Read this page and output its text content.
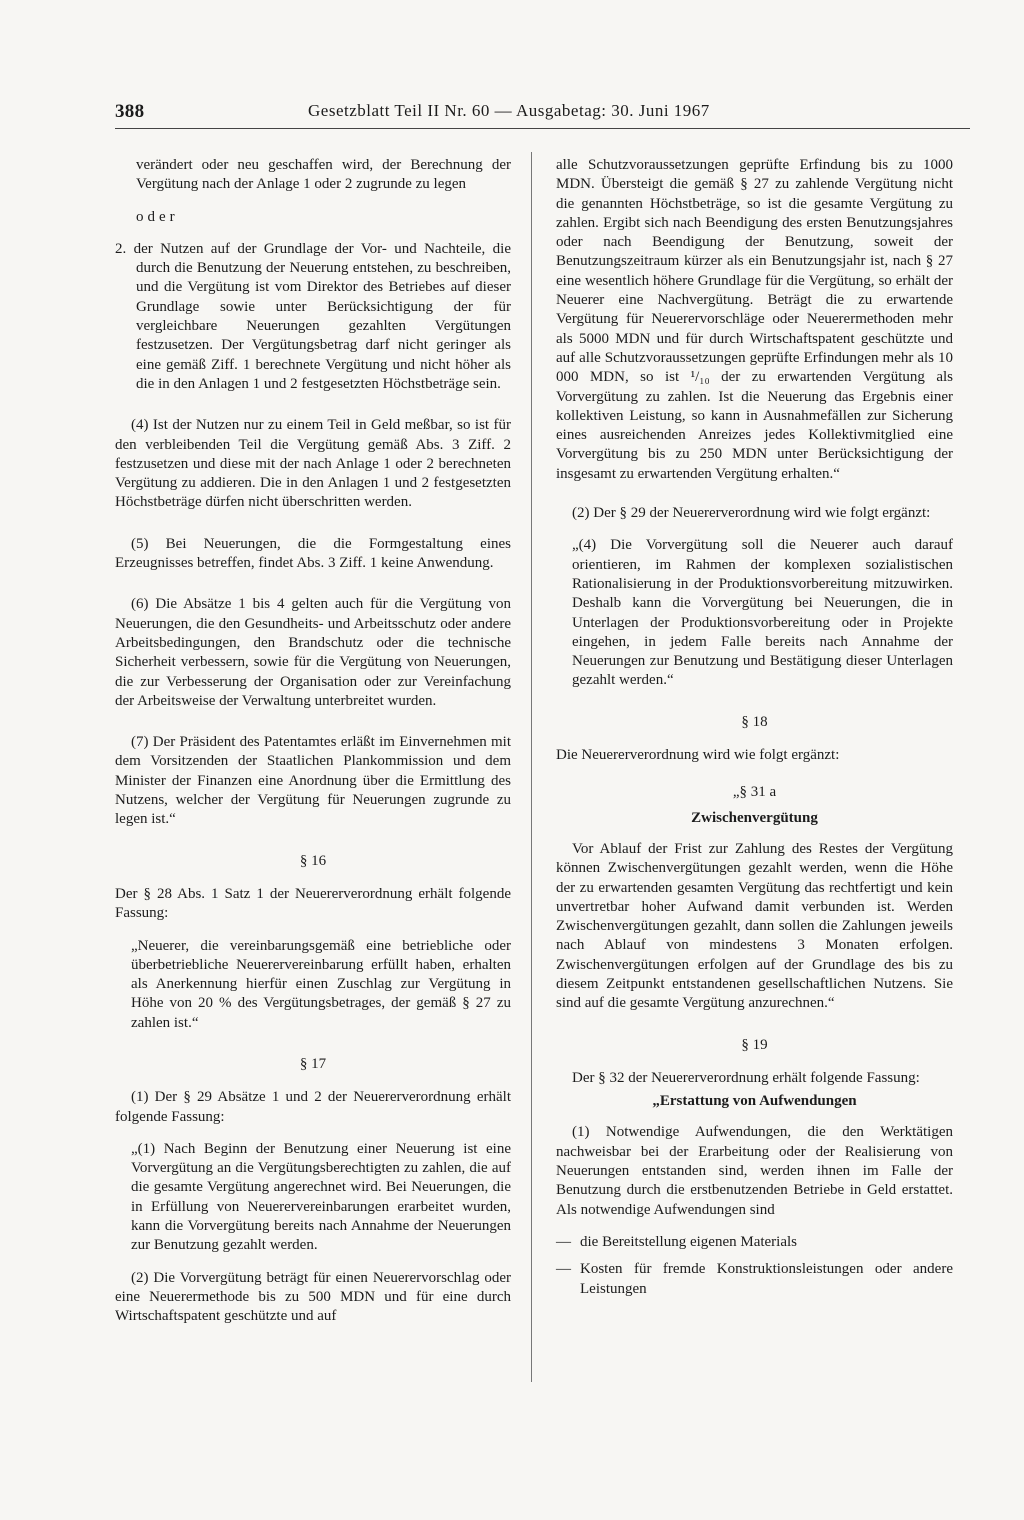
388	Gesetzblatt Teil II Nr. 60 — Ausgabetag: 30. Juni 1967

verändert oder neu geschaffen wird, der Berechnung der Vergütung nach der Anlage 1 oder 2 zugrunde zu legen

oder

2. der Nutzen auf der Grundlage der Vor- und Nachteile, die durch die Benutzung der Neuerung entstehen, zu beschreiben, und die Vergütung ist vom Direktor des Betriebes auf dieser Grundlage sowie unter Berücksichtigung der für vergleichbare Neuerungen gezahlten Vergütungen festzusetzen. Der Vergütungsbetrag darf nicht geringer als eine gemäß Ziff. 1 berechnete Vergütung und nicht höher als die in den Anlagen 1 und 2 festgesetzten Höchstbeträge sein.

(4) Ist der Nutzen nur zu einem Teil in Geld meßbar, so ist für den verbleibenden Teil die Vergütung gemäß Abs. 3 Ziff. 2 festzusetzen und diese mit der nach Anlage 1 oder 2 berechneten Vergütung zu addieren. Die in den Anlagen 1 und 2 festgesetzten Höchstbeträge dürfen nicht überschritten werden.

(5) Bei Neuerungen, die die Formgestaltung eines Erzeugnisses betreffen, findet Abs. 3 Ziff. 1 keine Anwendung.

(6) Die Absätze 1 bis 4 gelten auch für die Vergütung von Neuerungen, die den Gesundheits- und Arbeitsschutz oder andere Arbeitsbedingungen, den Brandschutz oder die technische Sicherheit verbessern, sowie für die Vergütung von Neuerungen, die zur Verbesserung der Organisation oder zur Vereinfachung der Arbeitsweise der Verwaltung unterbreitet wurden.

(7) Der Präsident des Patentamtes erläßt im Einvernehmen mit dem Vorsitzenden der Staatlichen Plankommission und dem Minister der Finanzen eine Anordnung über die Ermittlung des Nutzens, welcher der Vergütung für Neuerungen zugrunde zu legen ist.“

§ 16

Der § 28 Abs. 1 Satz 1 der Neuererverordnung erhält folgende Fassung:

„Neuerer, die vereinbarungsgemäß eine betriebliche oder überbetriebliche Neuerervereinbarung erfüllt haben, erhalten als Anerkennung hierfür einen Zuschlag zur Vergütung in Höhe von 20 % des Vergütungsbetrages, der gemäß § 27 zu zahlen ist.“

§ 17

(1) Der § 29 Absätze 1 und 2 der Neuererverordnung erhält folgende Fassung:

„(1) Nach Beginn der Benutzung einer Neuerung ist eine Vorvergütung an die Vergütungsberechtigten zu zahlen, die auf die gesamte Vergütung angerechnet wird. Bei Neuerungen, die in Erfüllung von Neuerervereinbarungen erarbeitet wurden, kann die Vorvergütung bereits nach Annahme der Neuerungen zur Benutzung gezahlt werden.

(2) Die Vorvergütung beträgt für einen Neuerervorschlag oder eine Neuerermethode bis zu 500 MDN und für eine durch Wirtschaftspatent geschützte und auf

alle Schutzvoraussetzungen geprüfte Erfindung bis zu 1000 MDN. Übersteigt die gemäß § 27 zu zahlende Vergütung nicht die genannten Höchstbeträge, so ist die gesamte Vergütung zu zahlen. Ergibt sich nach Beendigung des ersten Benutzungsjahres oder nach Beendigung der Benutzung, soweit der Benutzungszeitraum kürzer als ein Benutzungsjahr ist, nach § 27 eine wesentlich höhere Grundlage für die Vergütung, so erhält der Neuerer eine Nachvergütung. Beträgt die zu erwartende Vergütung für Neuerervorschläge oder Neuerermethoden mehr als 5000 MDN und für durch Wirtschaftspatent geschützte und auf alle Schutzvoraussetzungen geprüfte Erfindungen mehr als 10 000 MDN, so ist ¹/₁₀ der zu erwartenden Vergütung als Vorvergütung zu zahlen. Ist die Neuerung das Ergebnis einer kollektiven Leistung, so kann in Ausnahmefällen zur Sicherung eines ausreichenden Anreizes jedes Kollektivmitglied eine Vorvergütung bis zu 250 MDN unter Berücksichtigung der insgesamt zu erwartenden Vergütung erhalten.“

(2) Der § 29 der Neuererverordnung wird wie folgt ergänzt:

„(4) Die Vorvergütung soll die Neuerer auch darauf orientieren, im Rahmen der komplexen sozialistischen Rationalisierung in der Produktionsvorbereitung mitzuwirken. Deshalb kann die Vorvergütung bei Neuerungen, die in Unterlagen der Produktionsvorbereitung oder in Projekte eingehen, in jedem Falle bereits nach Annahme der Neuerungen zur Benutzung und Bestätigung dieser Unterlagen gezahlt werden.“

§ 18

Die Neuererverordnung wird wie folgt ergänzt:

„§ 31 a

Zwischenvergütung

Vor Ablauf der Frist zur Zahlung des Restes der Vergütung können Zwischenvergütungen gezahlt werden, wenn die Höhe der zu erwartenden gesamten Vergütung das rechtfertigt und kein unvertretbar hoher Aufwand damit verbunden ist. Werden Zwischenvergütungen gezahlt, dann sollen die Zahlungen jeweils nach Ablauf von mindestens 3 Monaten erfolgen. Zwischenvergütungen erfolgen auf der Grundlage des bis zu diesem Zeitpunkt entstandenen gesellschaftlichen Nutzens. Sie sind auf die gesamte Vergütung anzurechnen.“

§ 19

Der § 32 der Neuererverordnung erhält folgende Fassung:

„Erstattung von Aufwendungen

(1) Notwendige Aufwendungen, die den Werktätigen nachweisbar bei der Erarbeitung oder der Realisierung von Neuerungen entstanden sind, werden ihnen im Falle der Benutzung durch die erstbenutzenden Betriebe in Geld erstattet. Als notwendige Aufwendungen sind

— die Bereitstellung eigenen Materials

— Kosten für fremde Konstruktionsleistungen oder andere Leistungen
